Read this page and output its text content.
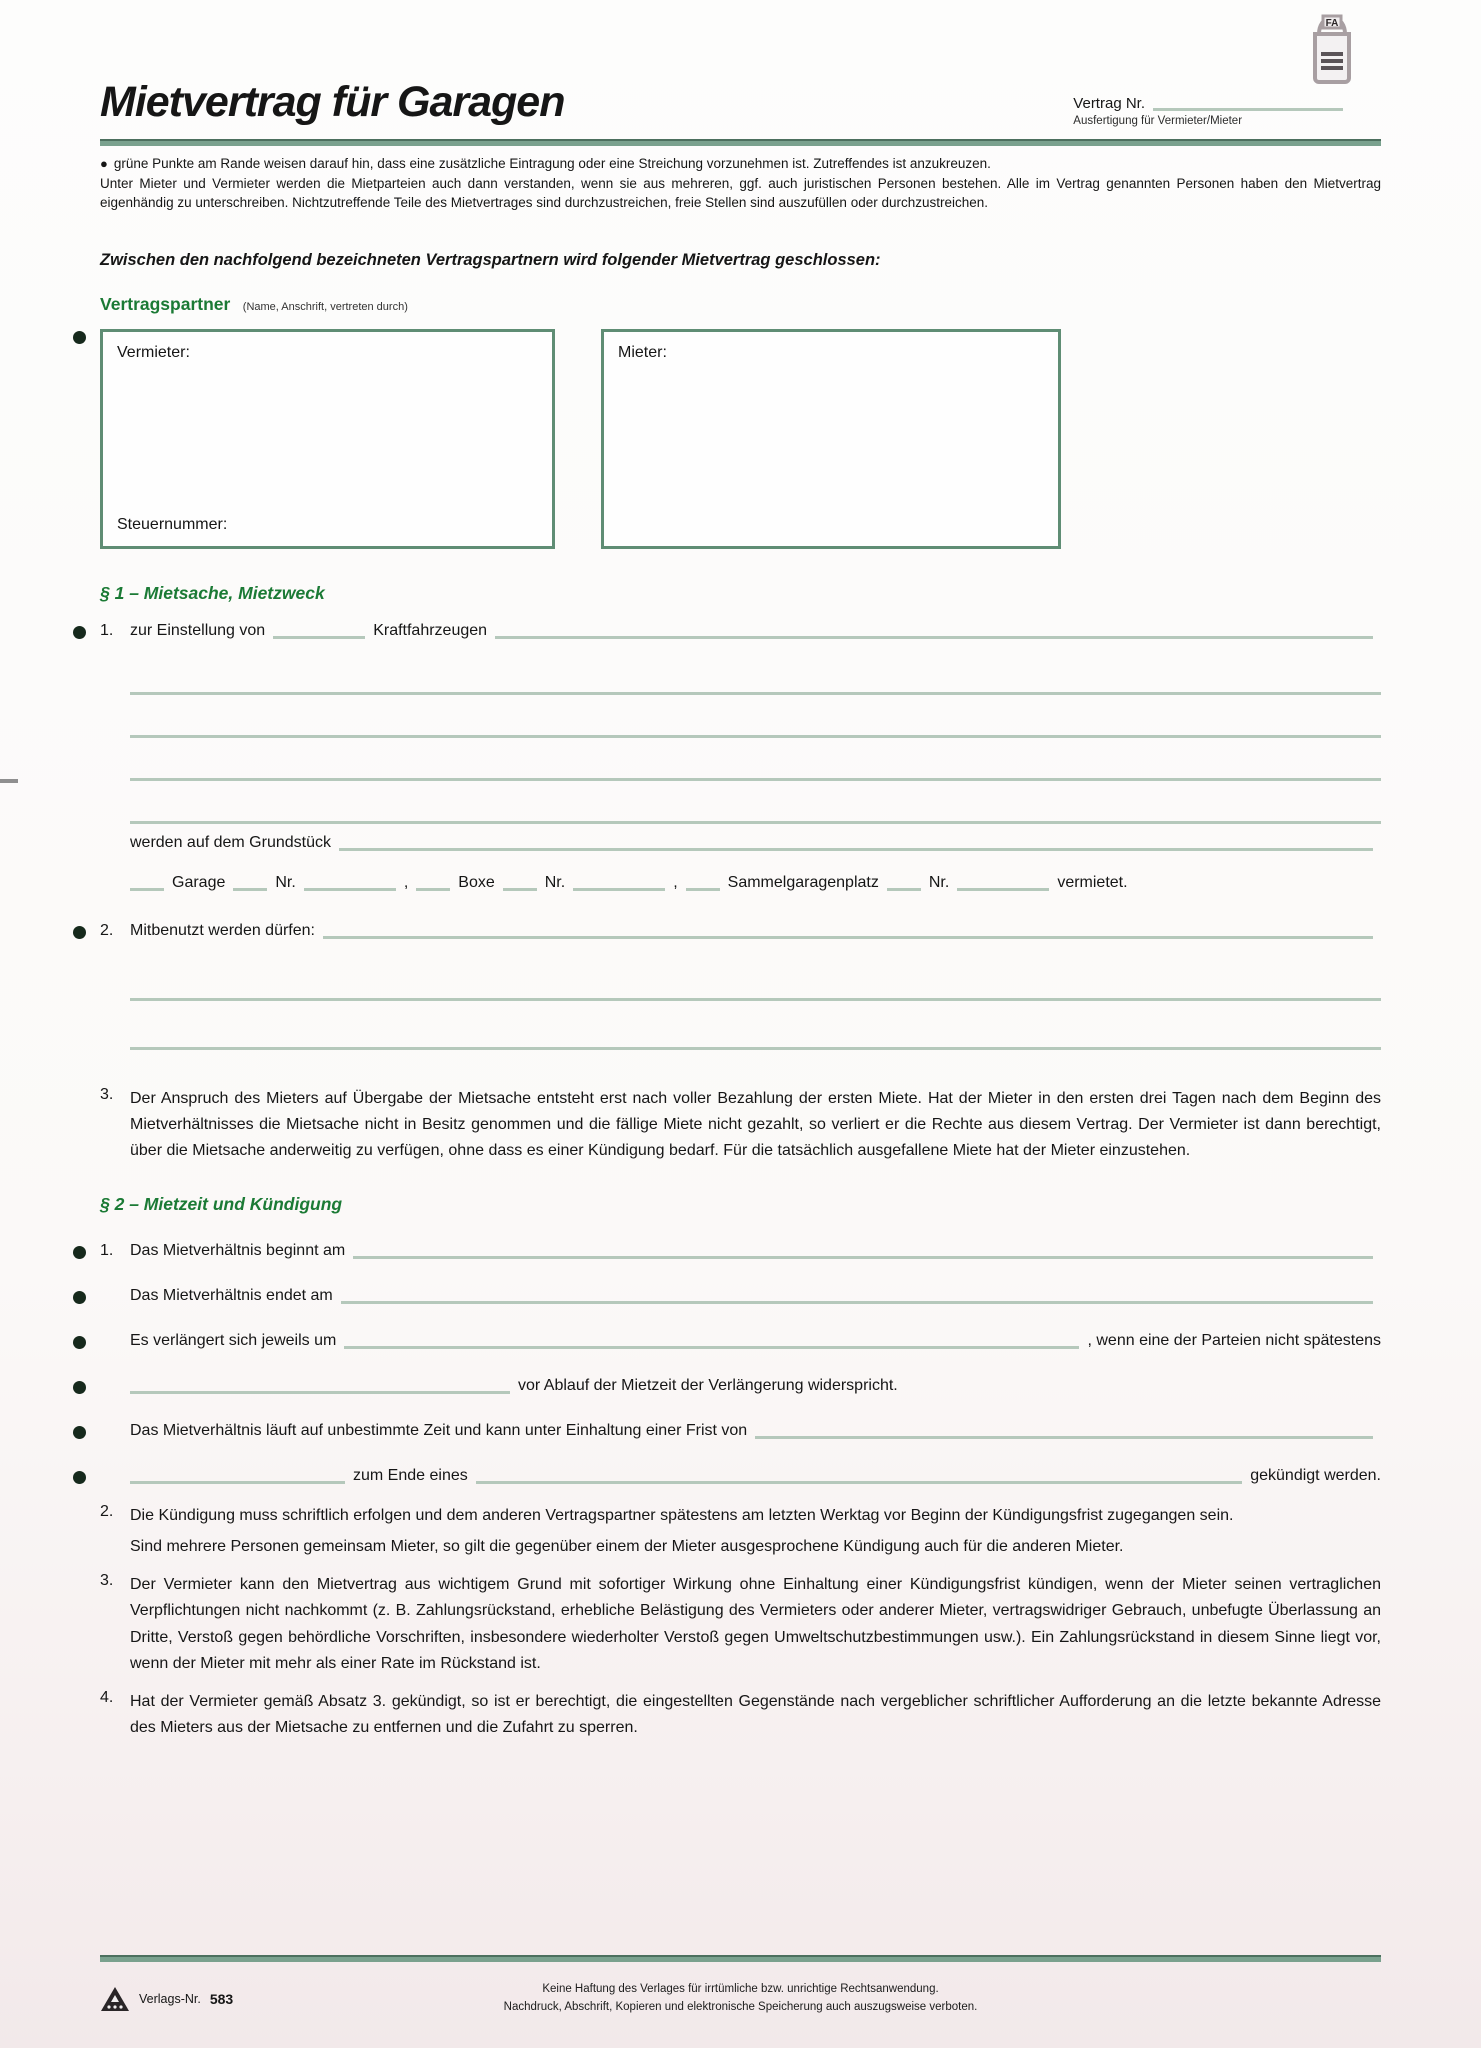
FA
Mietvertrag für Garagen	Vertrag Nr.
Ausfertigung für Vermieter/Mieter

● grüne Punkte am Rande weisen darauf hin, dass eine zusätzliche Eintragung oder eine Streichung vorzunehmen ist. Zutreffendes ist anzukreuzen.

Unter Mieter und Vermieter werden die Mietparteien auch dann verstanden, wenn sie aus mehreren, ggf. auch juristischen Personen bestehen. Alle im Vertrag genannten Personen haben den Mietvertrag eigenhändig zu unterschreiben. Nichtzutreffende Teile des Mietvertrages sind durchzustreichen, freie Stellen sind auszufüllen oder durchzustreichen.

Zwischen den nachfolgend bezeichneten Vertragspartnern wird folgender Mietvertrag geschlossen:

Vertragspartner (Name, Anschrift, vertreten durch)
Vermieter:
Steuernummer:
Mieter:
§ 1 – Mietsache, Mietzweck
1.	zur Einstellung von	Kraftfahrzeugen
werden auf dem Grundstück
Garage	Nr.	,	Boxe	Nr.	,	Sammelgaragenplatz	Nr.	vermietet.
2.	Mitbenutzt werden dürfen:
3.	Der Anspruch des Mieters auf Übergabe der Mietsache entsteht erst nach voller Bezahlung der ersten Miete. Hat der Mieter in den ersten drei Tagen nach dem Beginn des Mietverhältnisses die Mietsache nicht in Besitz genommen und die fällige Miete nicht gezahlt, so verliert er die Rechte aus diesem Vertrag. Der Vermieter ist dann berechtigt, über die Mietsache anderweitig zu verfügen, ohne dass es einer Kündigung bedarf. Für die tatsächlich ausgefallene Miete hat der Mieter einzustehen.

§ 2 – Mietzeit und Kündigung
1.	Das Mietverhältnis beginnt am
Das Mietverhältnis endet am
Es verlängert sich jeweils um	, wenn eine der Parteien nicht spätestens
vor Ablauf der Mietzeit der Verlängerung widerspricht.
Das Mietverhältnis läuft auf unbestimmte Zeit und kann unter Einhaltung einer Frist von
zum Ende eines	gekündigt werden.
2.	Die Kündigung muss schriftlich erfolgen und dem anderen Vertragspartner spätestens am letzten Werktag vor Beginn der Kündigungsfrist zugegangen sein.

Sind mehrere Personen gemeinsam Mieter, so gilt die gegenüber einem der Mieter ausgesprochene Kündigung auch für die anderen Mieter.

3.	Der Vermieter kann den Mietvertrag aus wichtigem Grund mit sofortiger Wirkung ohne Einhaltung einer Kündigungsfrist kündigen, wenn der Mieter seinen vertraglichen Verpflichtungen nicht nachkommt (z. B. Zahlungsrückstand, erhebliche Belästigung des Vermieters oder anderer Mieter, vertragswidriger Gebrauch, unbefugte Überlassung an Dritte, Verstoß gegen behördliche Vorschriften, insbesondere wiederholter Verstoß gegen Umweltschutzbestimmungen usw.). Ein Zahlungsrückstand in diesem Sinne liegt vor, wenn der Mieter mit mehr als einer Rate im Rückstand ist.

4.	Hat der Vermieter gemäß Absatz 3. gekündigt, so ist er berechtigt, die eingestellten Gegenstände nach vergeblicher schriftlicher Aufforderung an die letzte bekannte Adresse des Mieters aus der Mietsache zu entfernen und die Zufahrt zu sperren.

Verlags-Nr. 583
Keine Haftung des Verlages für irrtümliche bzw. unrichtige Rechtsanwendung.
Nachdruck, Abschrift, Kopieren und elektronische Speicherung auch auszugsweise verboten.
